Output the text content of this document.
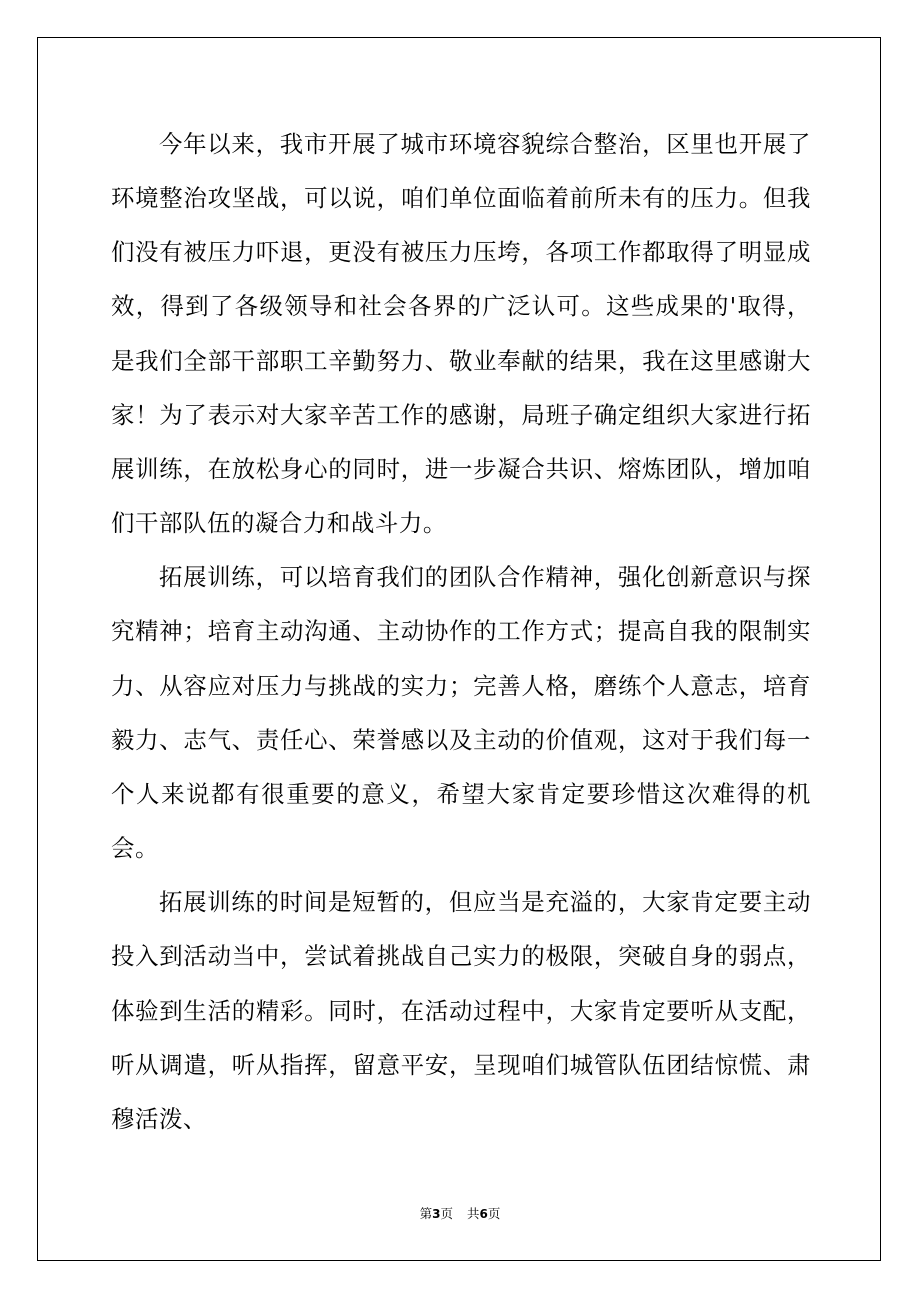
今年以来，我市开展了城市环境容貌综合整治，区里也开展了环境整治攻坚战，可以说，咱们单位面临着前所未有的压力。但我们没有被压力吓退，更没有被压力压垮，各项工作都取得了明显成效，得到了各级领导和社会各界的广泛认可。这些成果的'取得，是我们全部干部职工辛勤努力、敬业奉献的结果，我在这里感谢大家！为了表示对大家辛苦工作的感谢，局班子确定组织大家进行拓展训练，在放松身心的同时，进一步凝合共识、熔炼团队，增加咱们干部队伍的凝合力和战斗力。

拓展训练，可以培育我们的团队合作精神，强化创新意识与探究精神；培育主动沟通、主动协作的工作方式；提高自我的限制实力、从容应对压力与挑战的实力；完善人格，磨练个人意志，培育毅力、志气、责任心、荣誉感以及主动的价值观，这对于我们每一个人来说都有很重要的意义，希望大家肯定要珍惜这次难得的机会。

拓展训练的时间是短暂的，但应当是充溢的，大家肯定要主动投入到活动当中，尝试着挑战自己实力的极限，突破自身的弱点，体验到生活的精彩。同时，在活动过程中，大家肯定要听从支配，听从调遣，听从指挥，留意平安，呈现咱们城管队伍团结惊慌、肃穆活泼、

第3页 共6页
